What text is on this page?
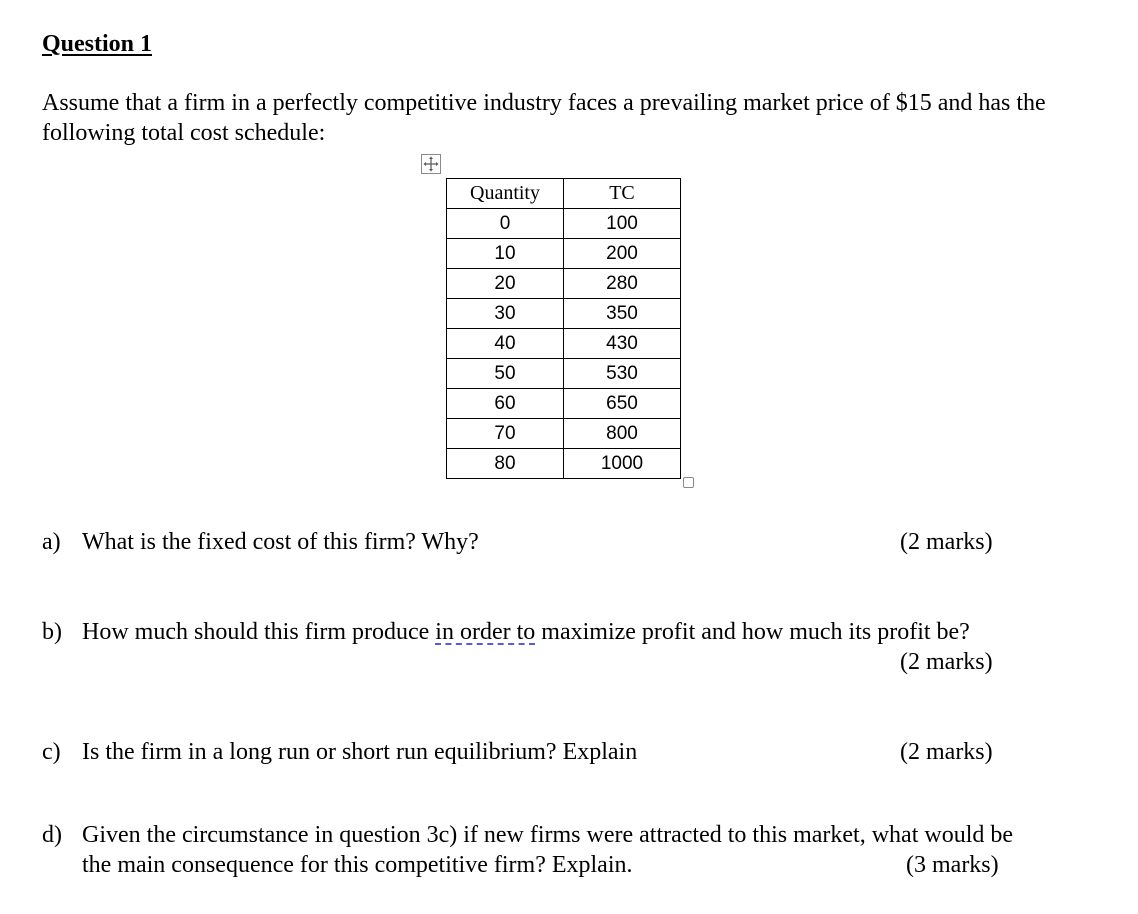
Question 1

Assume that a firm in a perfectly competitive industry faces a prevailing market price of $15 and has the following total cost schedule:

Quantity	TC
0	100
10	200
20	280
30	350
40	430
50	530
60	650
70	800
80	1000
a) What is the fixed cost of this firm? Why?	(2 marks)
b) How much should this firm produce in order to maximize profit and how much its profit be?
(2 marks)
c) Is the firm in a long run or short run equilibrium? Explain	(2 marks)
d) Given the circumstance in question 3c) if new firms were attracted to this market, what would be
the main consequence for this competitive firm? Explain.	(3 marks)
